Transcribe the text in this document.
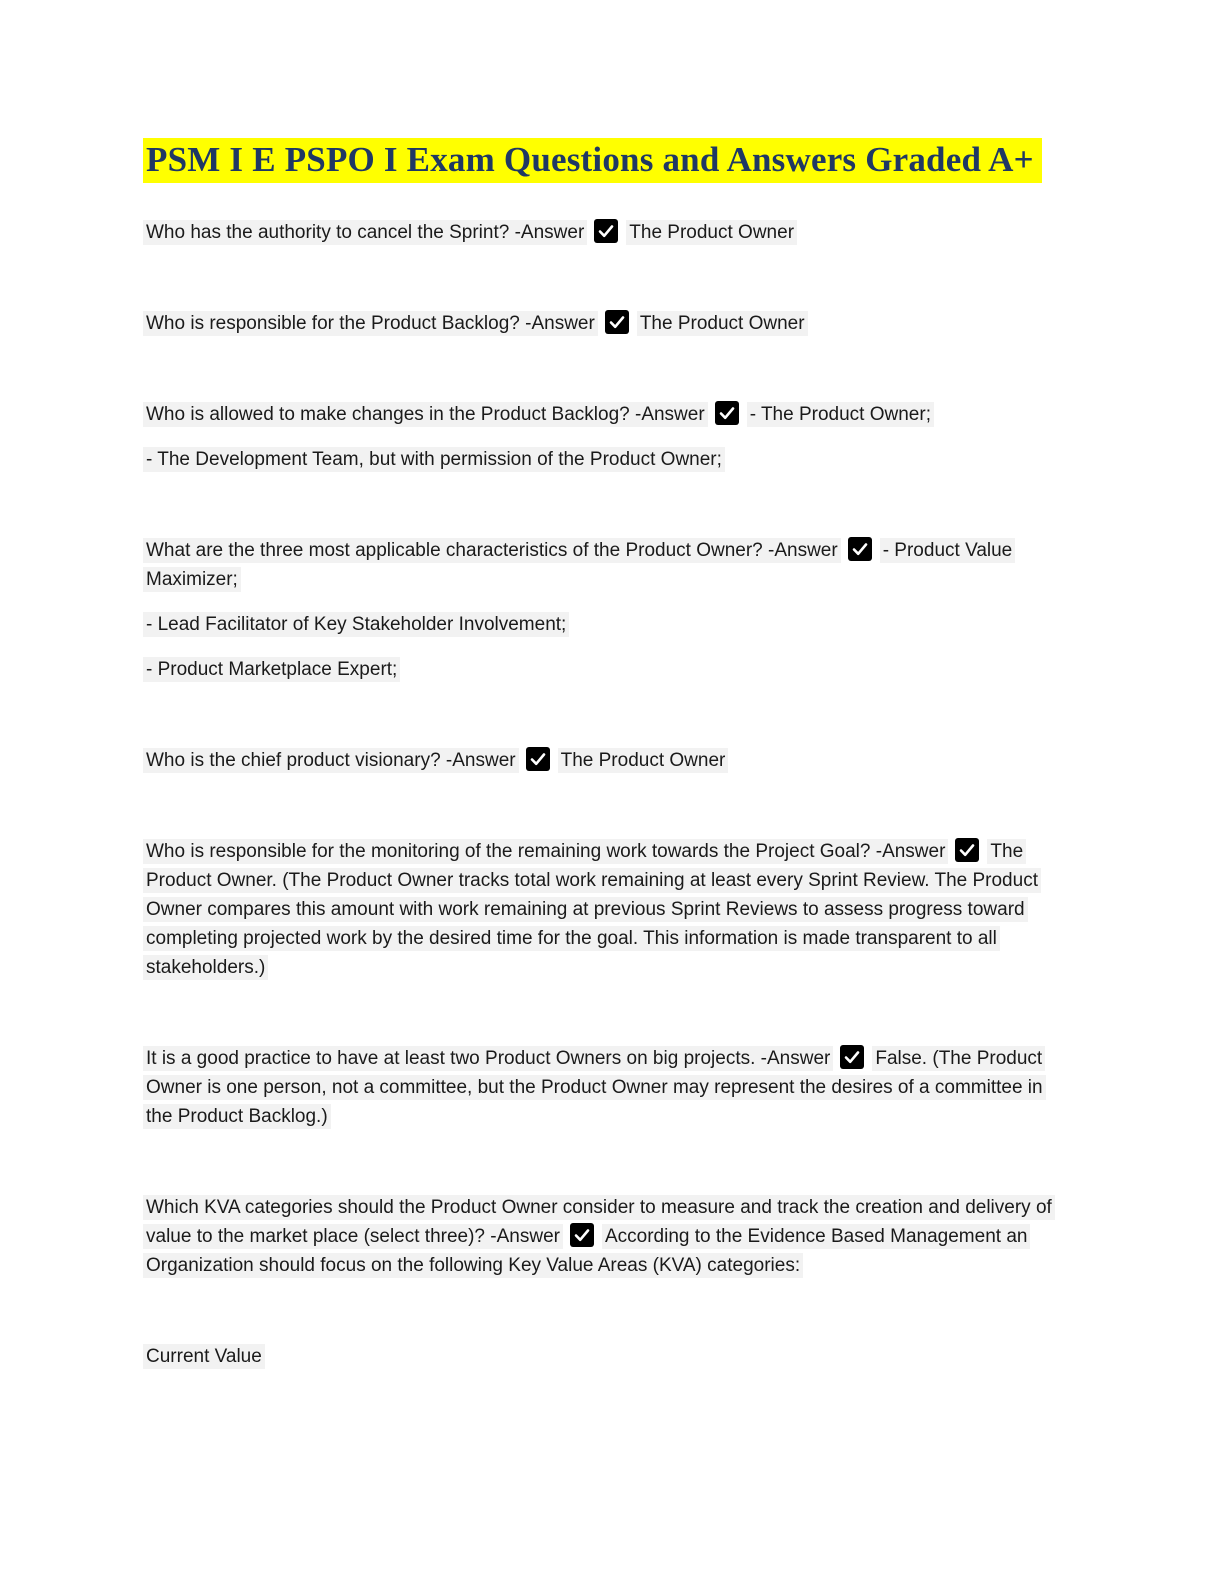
PSM I E PSPO I Exam Questions and Answers Graded A+

Who has the authority to cancel the Sprint? -Answer The Product Owner

Who is responsible for the Product Backlog? -Answer The Product Owner

Who is allowed to make changes in the Product Backlog? -Answer - The Product Owner;

- The Development Team, but with permission of the Product Owner;

What are the three most applicable characteristics of the Product Owner? -Answer - Product Value Maximizer;

- Lead Facilitator of Key Stakeholder Involvement;

- Product Marketplace Expert;

Who is the chief product visionary? -Answer The Product Owner

Who is responsible for the monitoring of the remaining work towards the Project Goal? -Answer The Product Owner. (The Product Owner tracks total work remaining at least every Sprint Review. The Product Owner compares this amount with work remaining at previous Sprint Reviews to assess progress toward completing projected work by the desired time for the goal. This information is made transparent to all stakeholders.)

It is a good practice to have at least two Product Owners on big projects. -Answer False. (The Product Owner is one person, not a committee, but the Product Owner may represent the desires of a committee in the Product Backlog.)

Which KVA categories should the Product Owner consider to measure and track the creation and delivery of value to the market place (select three)? -Answer According to the Evidence Based Management an Organization should focus on the following Key Value Areas (KVA) categories:

Current Value
